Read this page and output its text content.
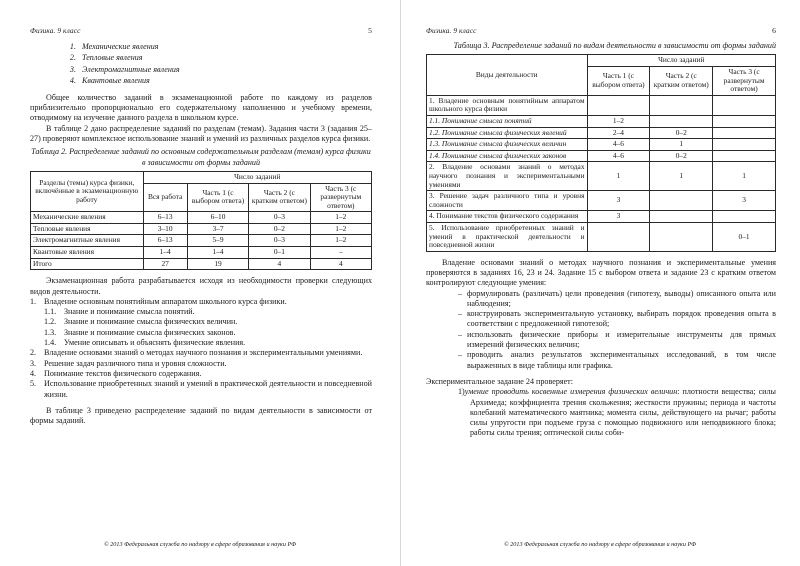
Физика. 9 класс	5
1. Механические явления
2. Тепловые явления
3. Электромагнитные явления
4. Квантовые явления

Общее количество заданий в экзаменационной работе по каждому из разделов приблизительно пропорционально его содержательному наполнению и учебному времени, отводимому на изучение данного раздела в школьном курсе.

В таблице 2 дано распределение заданий по разделам (темам). Задания части 3 (задания 25–27) проверяют комплексное использование знаний и умений из различных разделов курса физики.

Таблица 2. Распределение заданий по основным содержательным разделам (темам) курса физики в зависимости от формы заданий
Разделы (темы) курса физики, включённые в экзаменационную работу	Число заданий			
	Вся работа	Часть 1 (с выбором ответа)	Часть 2 (с кратким ответом)	Часть 3 (с развернутым ответом)
Механические явления	6–13	6–10	0–3	1–2
Тепловые явления	3–10	3–7	0–2	1–2
Электромагнитные явления	6–13	5–9	0–3	1–2
Квантовые явления	1–4	1–4	0–1	–
Итого	27	19	4	4

Экзаменационная работа разрабатывается исходя из необходимости проверки следующих видов деятельности.

1. Владение основным понятийным аппаратом школьного курса физики.
1.1. Знание и понимание смысла понятий.
1.2. Знание и понимание смысла физических величин.
1.3. Знание и понимание смысла физических законов.
1.4. Умение описывать и объяснять физические явления.
2. Владение основами знаний о методах научного познания и экспериментальными умениями.
3. Решение задач различного типа и уровня сложности.
4. Понимание текстов физического содержания.
5. Использование приобретенных знаний и умений в практической деятельности и повседневной жизни.

В таблице 3 приведено распределение заданий по видам деятельности в зависимости от формы заданий.

© 2013 Федеральная служба по надзору в сфере образования и науки РФ
Физика. 9 класс	6
Таблица 3. Распределение заданий по видам деятельности в зависимости от формы заданий
Виды деятельности	Число заданий		
	Часть 1 (с выбором ответа)	Часть 2 (с кратким ответом)	Часть 3 (с развернутым ответом)
1. Владение основным понятийным аппаратом школьного курса физики			
1.1. Понимание смысла понятий	1–2		
1.2. Понимание смысла физических явлений	2–4	0–2	
1.3. Понимание смысла физических величин	4–6	1	
1.4. Понимание смысла физических законов	4–6	0–2	
2. Владение основами знаний о методах научного познания и экспериментальными умениями	1	1	1
3. Решение задач различного типа и уровня сложности	3		3
4. Понимание текстов физического содержания	3		
5. Использование приобретенных знаний и умений в практической деятельности и повседневной жизни			0–1

Владение основами знаний о методах научного познания и экспериментальные умения проверяются в заданиях 16, 23 и 24. Задание 15 с выбором ответа и задание 23 с кратким ответом контролируют следующие умения:

– формулировать (различать) цели проведения (гипотезу, выводы) описанного опыта или наблюдения;
– конструировать экспериментальную установку, выбирать порядок проведения опыта в соответствии с предложенной гипотезой;
– использовать физические приборы и измерительные инструменты для прямых измерений физических величин;
– проводить анализ результатов экспериментальных исследований, в том числе выраженных в виде таблицы или графика.

Экспериментальное задание 24 проверяет:

1)умение проводить косвенные измерения физических величин: плотности вещества; силы Архимеда; коэффициента трения скольжения; жесткости пружины; периода и частоты колебаний математического маятника; момента силы, действующего на рычаг; работы силы упругости при подъеме груза с помощью подвижного или неподвижного блока; работы силы трения; оптической силы соби-

© 2013 Федеральная служба по надзору в сфере образования и науки РФ
